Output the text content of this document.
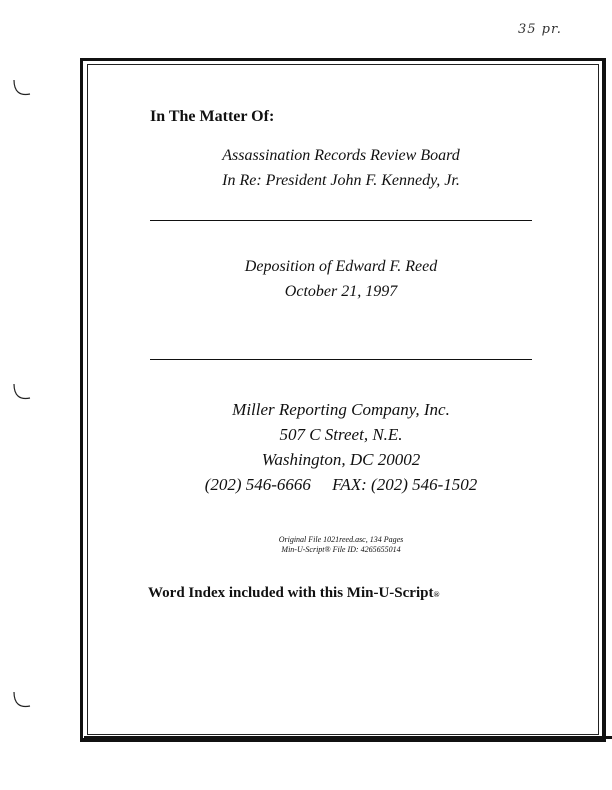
35 pr.
In The Matter Of:
Assassination Records Review Board
In Re: President John F. Kennedy, Jr.
Deposition of Edward F. Reed
October 21, 1997
Miller Reporting Company, Inc.
507 C Street, N.E.
Washington, DC 20002
(202) 546-6666     FAX: (202) 546-1502
Original File 1021reed.asc, 134 Pages
Min-U-Script® File ID: 4265655014
Word Index included with this Min-U-Script®
